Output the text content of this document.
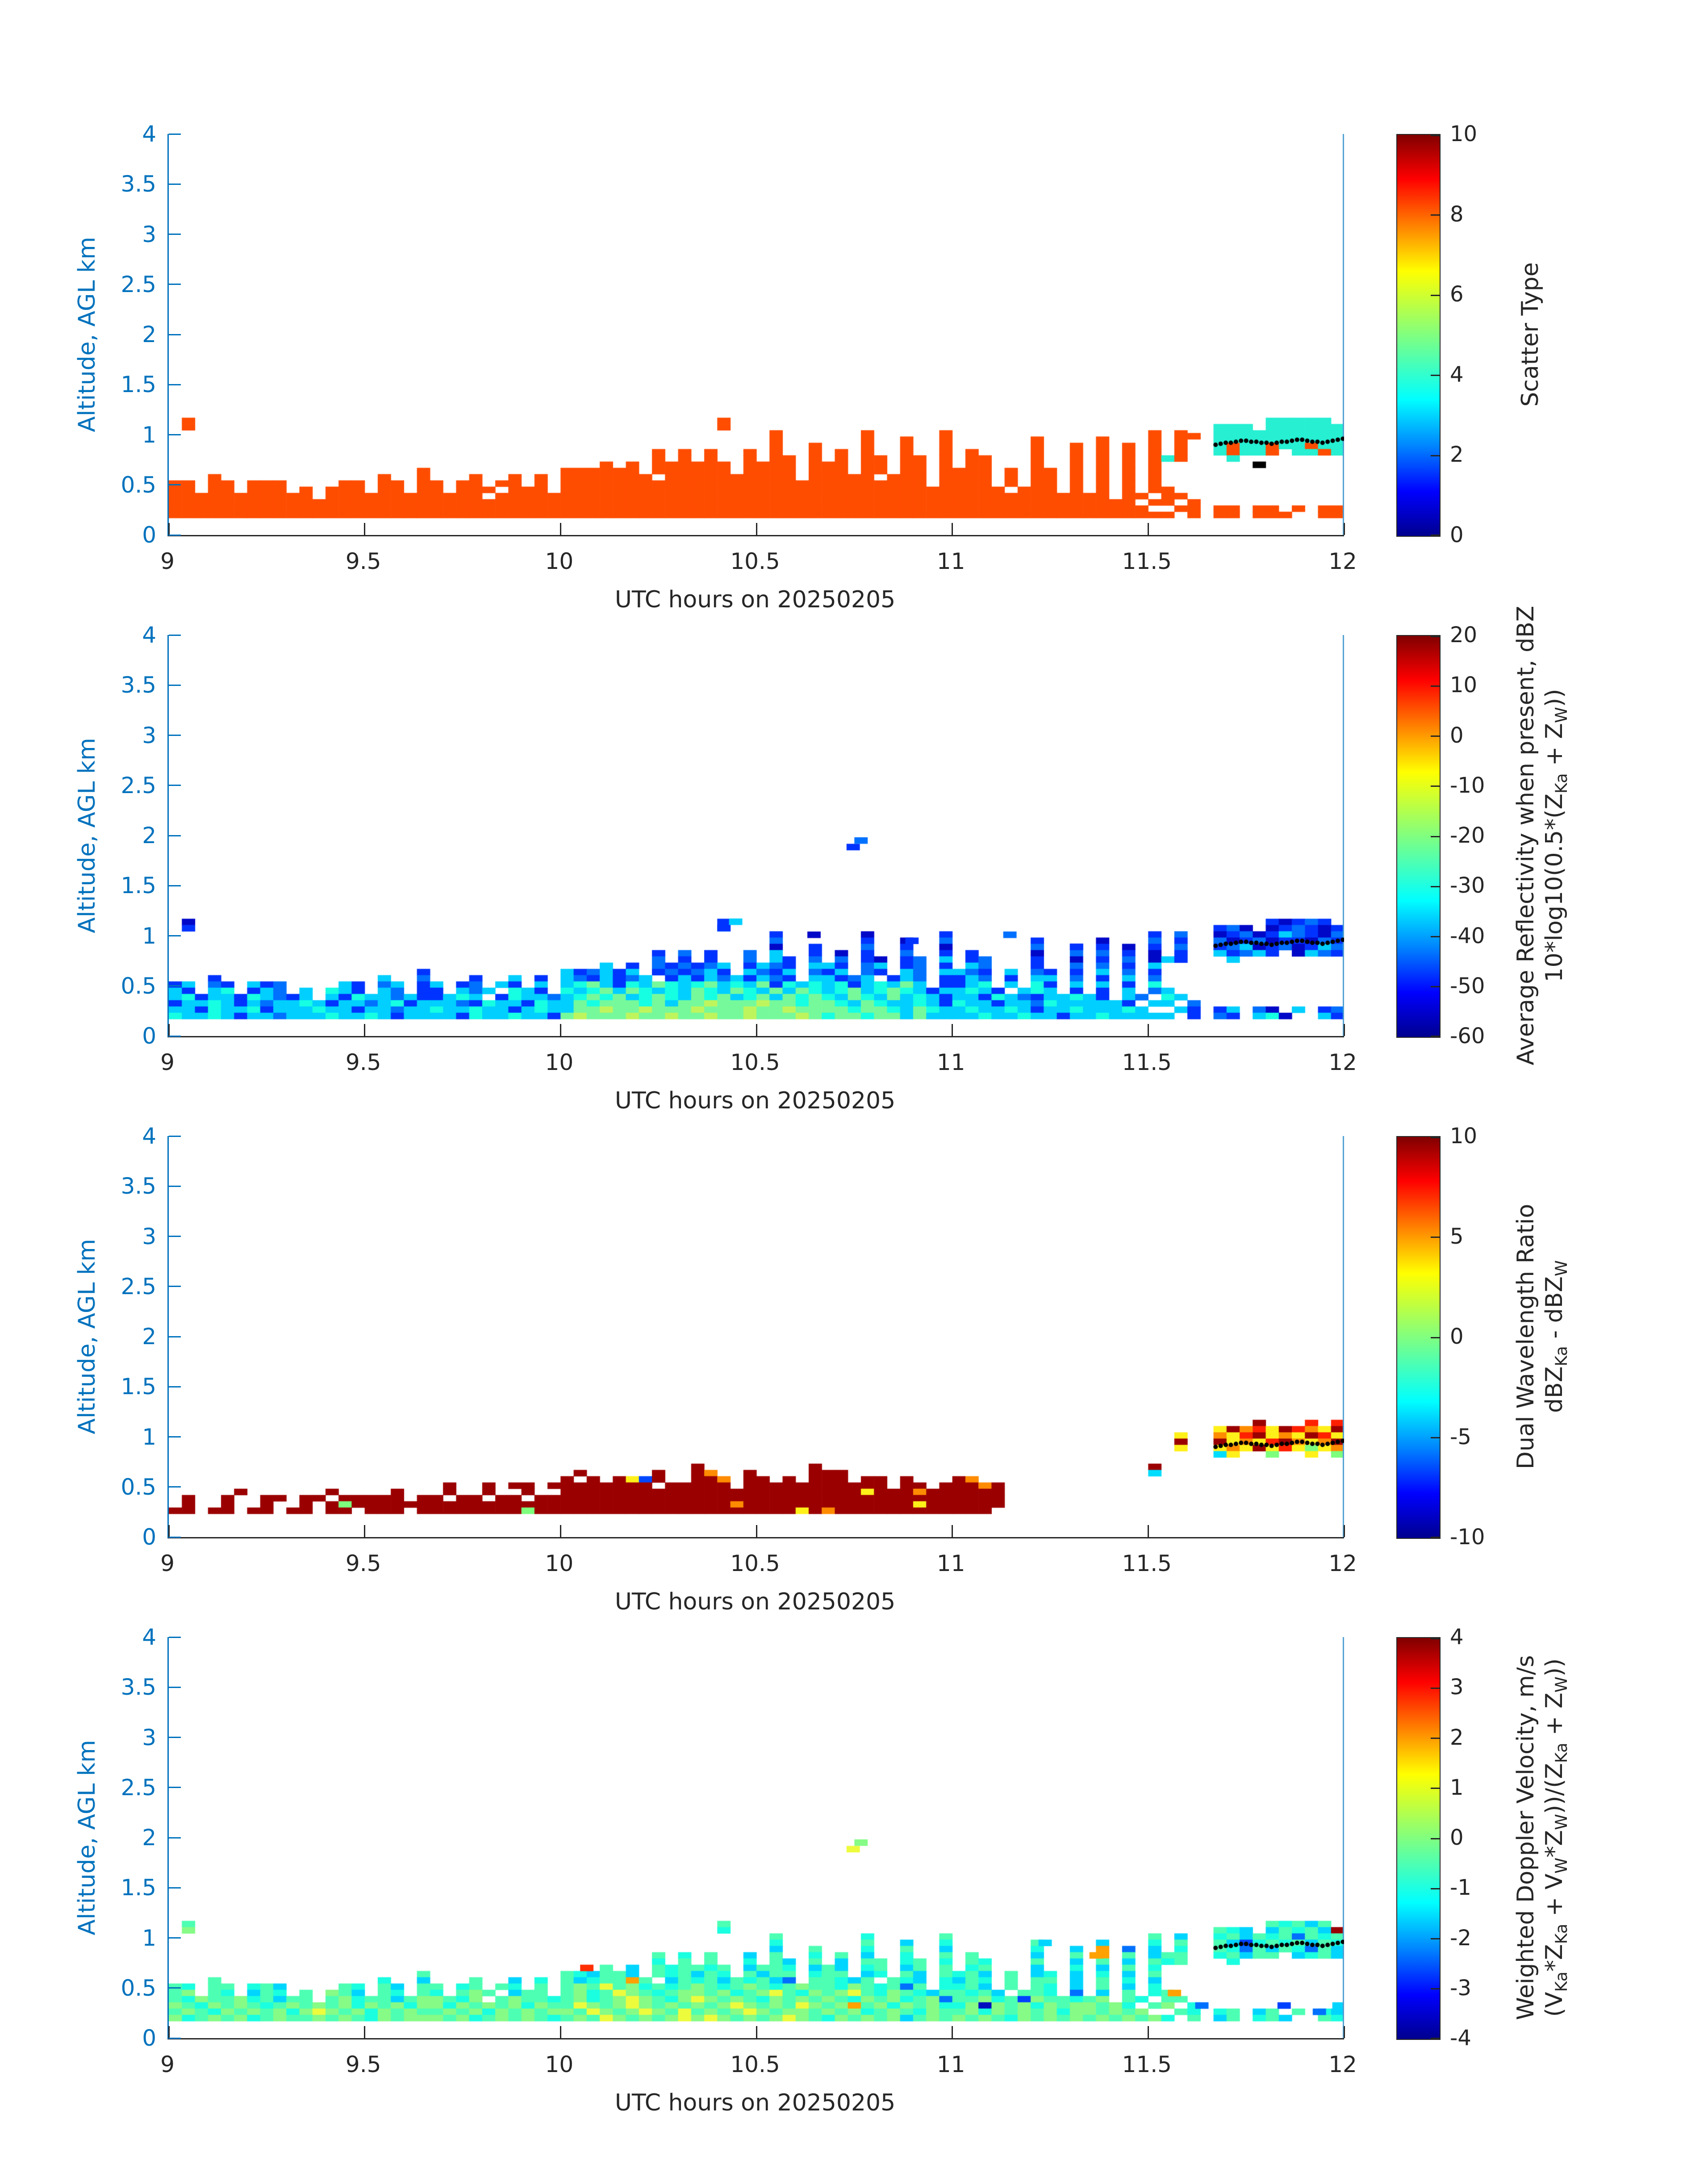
Altitude, AGL km
UTC hours on 20250205
10
8
6
4
2
0
Scatter Type
9	9.5	10	10.5	11	11.5	12
0
0.5
1
1.5
2
2.5
3
3.5
4
Altitude, AGL km
UTC hours on 20250205
20
10
0
-10
-20
-30
-40
-50
-60 Average Reflectivity when present, dBZ $10*\log 10(0.5*(Z_{Ka} + Z_W))$
9	9.5	10	10.5	11	11.5	12
0
0.5
1
1.5
2
2.5
3
3.5
4
Altitude, AGL km
UTC hours on 20250205
10
5
0
-5
-10
Dual Wavelength Ratio dBZ$_{Ka}$ - dBZ$_W$
9	9.5	10	10.5	11	11.5	12
0
0.5
1
1.5
2
2.5
3
3.5
4
Altitude, AGL km
UTC hours on 20250205
4
3
2
1
0
-1
-2
-3
-4
Weighted Doppler Velocity, m/s $(V_{Ka}*Z_{Ka} + V_W*Z_W))/(Z_{Ka} + Z_W)$)
9	9.5	10	10.5	11	11.5	12
0
0.5
1
1.5
2
2.5
3
3.5
4
